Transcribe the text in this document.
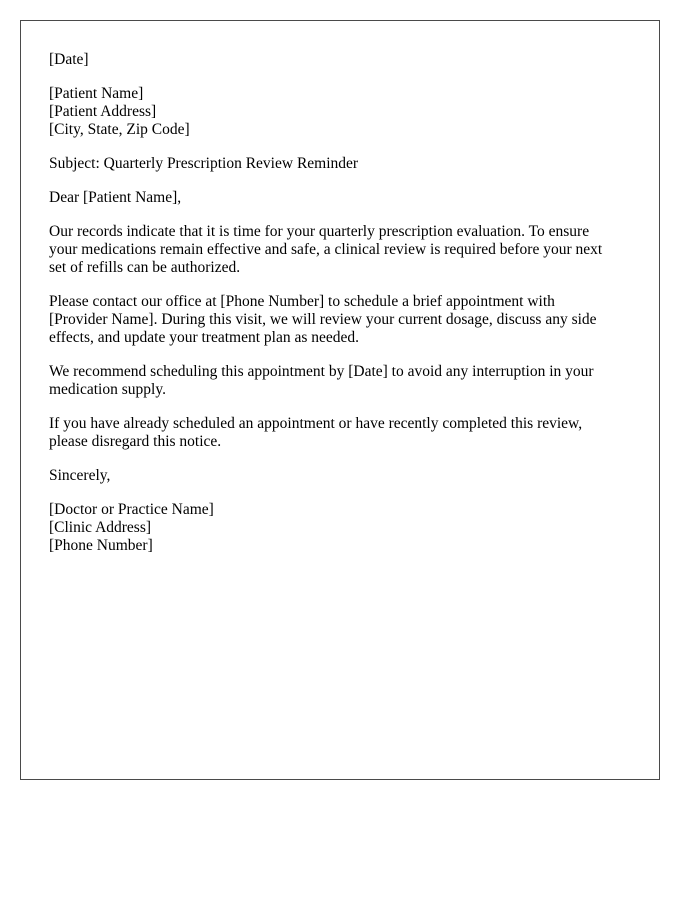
[Date]
[Patient Name]
[Patient Address]
[City, State, Zip Code]
Subject: Quarterly Prescription Review Reminder
Dear [Patient Name],

Our records indicate that it is time for your quarterly prescription evaluation. To ensure
your medications remain effective and safe, a clinical review is required before your next
set of refills can be authorized.

Please contact our office at [Phone Number] to schedule a brief appointment with
[Provider Name]. During this visit, we will review your current dosage, discuss any side
effects, and update your treatment plan as needed.

We recommend scheduling this appointment by [Date] to avoid any interruption in your
medication supply.

If you have already scheduled an appointment or have recently completed this review,
please disregard this notice.

Sincerely,
[Doctor or Practice Name]
[Clinic Address]
[Phone Number]
